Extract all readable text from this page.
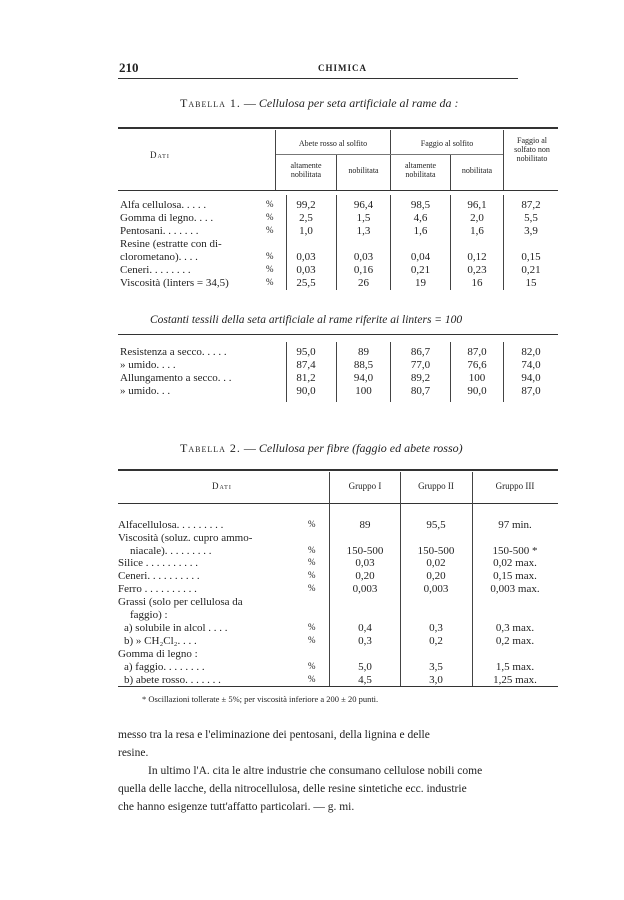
210	CHIMICA
Tabella 1. — Cellulosa per seta artificiale al rame da :
Dati
Abete rosso al solfito	Faggio al solfito	Faggio al solfato non nobilitato
altamente nobilitata	nobilitata
altamente nobilitata	nobilitata
Alfa cellulosa. . . . .	%	99,2	96,4	98,5	96,1	87,2
Gomma di legno. . . .	%	2,5	1,5	4,6	2,0	5,5
Pentosani. . . . . . .	%	1,0	1,3	1,6	1,6	3,9
Resine (estratte con di-
clorometano). . . .	%	0,03	0,03	0,04	0,12	0,15
Ceneri. . . . . . . .	%	0,03	0,16	0,21	0,23	0,21
Viscosità (linters = 34,5)	%	25,5	26	19	16	15
Costanti tessili della seta artificiale al rame riferite ai linters = 100
Resistenza a secco. . . . .	95,0	89	86,7	87,0	82,0
» umido. . . .	87,4	88,5	77,0	76,6	74,0
Allungamento a secco. . .	81,2	94,0	89,2	100	94,0
» umido. . .	90,0	100	80,7	90,0	87,0
Tabella 2. — Cellulosa per fibre (faggio ed abete rosso)
Dati	Gruppo I	Gruppo II	Gruppo III
Alfacellulosa. . . . . . . . .	%	89	95,5	97 min.
Viscosità (soluz. cupro ammo-
niacale). . . . . . . . .	%	150-500	150-500	150-500 *
Silice . . . . . . . . . .	%	0,03	0,02	0,02 max.
Ceneri. . . . . . . . . .	%	0,20	0,20	0,15 max.
Ferro . . . . . . . . . .	%	0,003	0,003	0,003 max.
Grassi (solo per cellulosa da
faggio) :
a) solubile in alcol . . . .	%	0,4	0,3	0,3 max.
b) » CH₂Cl₂. . . .	%	0,3	0,2	0,2 max.
Gomma di legno :
a) faggio. . . . . . . .	%	5,0	3,5	1,5 max.
b) abete rosso. . . . . . .	%	4,5	3,0	1,25 max.
* Oscillazioni tollerate ± 5%; per viscosità inferiore a 200 ± 20 punti.
messo tra la resa e l'eliminazione dei pentosani, della lignina e delle
resine.
In ultimo l'A. cita le altre industrie che consumano cellulose nobili come
quella delle lacche, della nitrocellulosa, delle resine sintetiche ecc. industrie
che hanno esigenze tutt'affatto particolari. — g. mi.
